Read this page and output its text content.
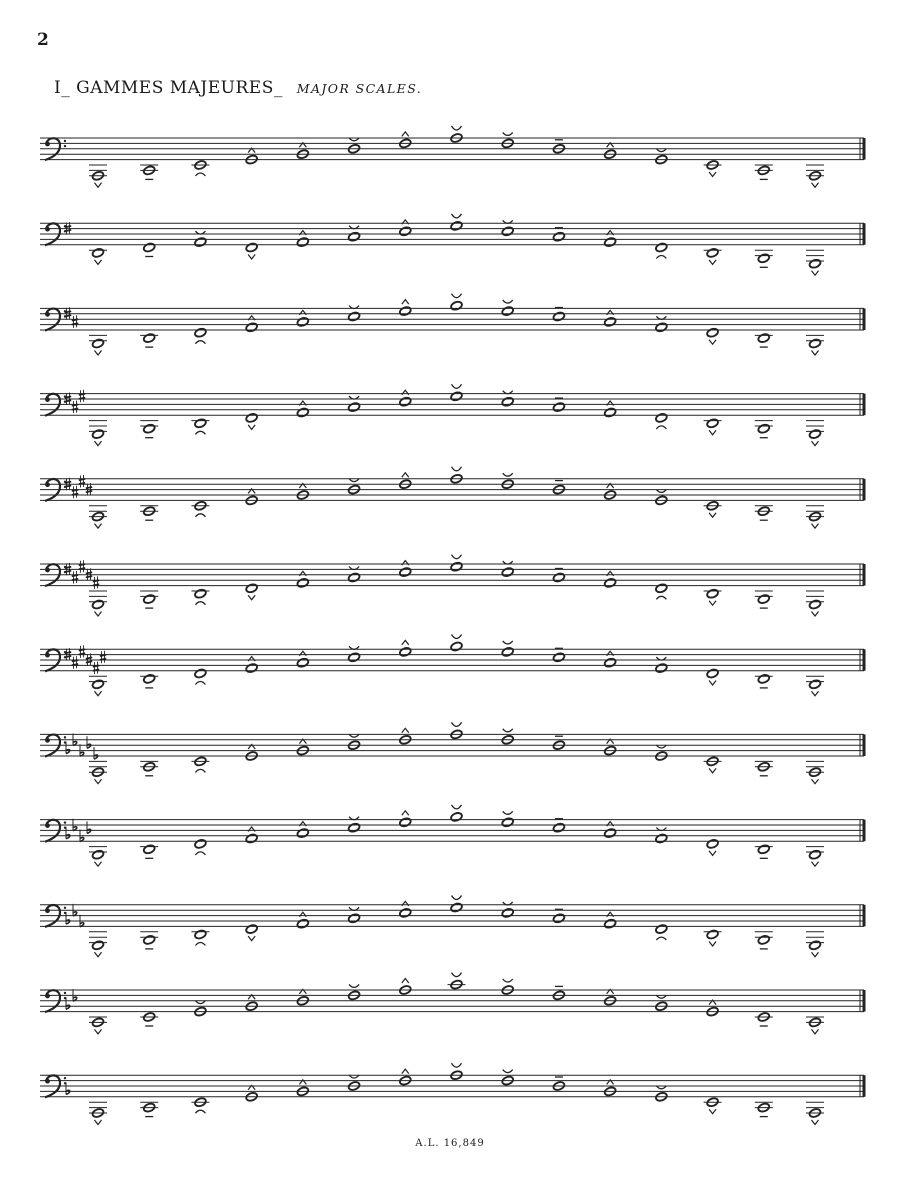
2
I_ GAMMES MAJEURES_ MAJOR SCALES.
A.L. 16,849
